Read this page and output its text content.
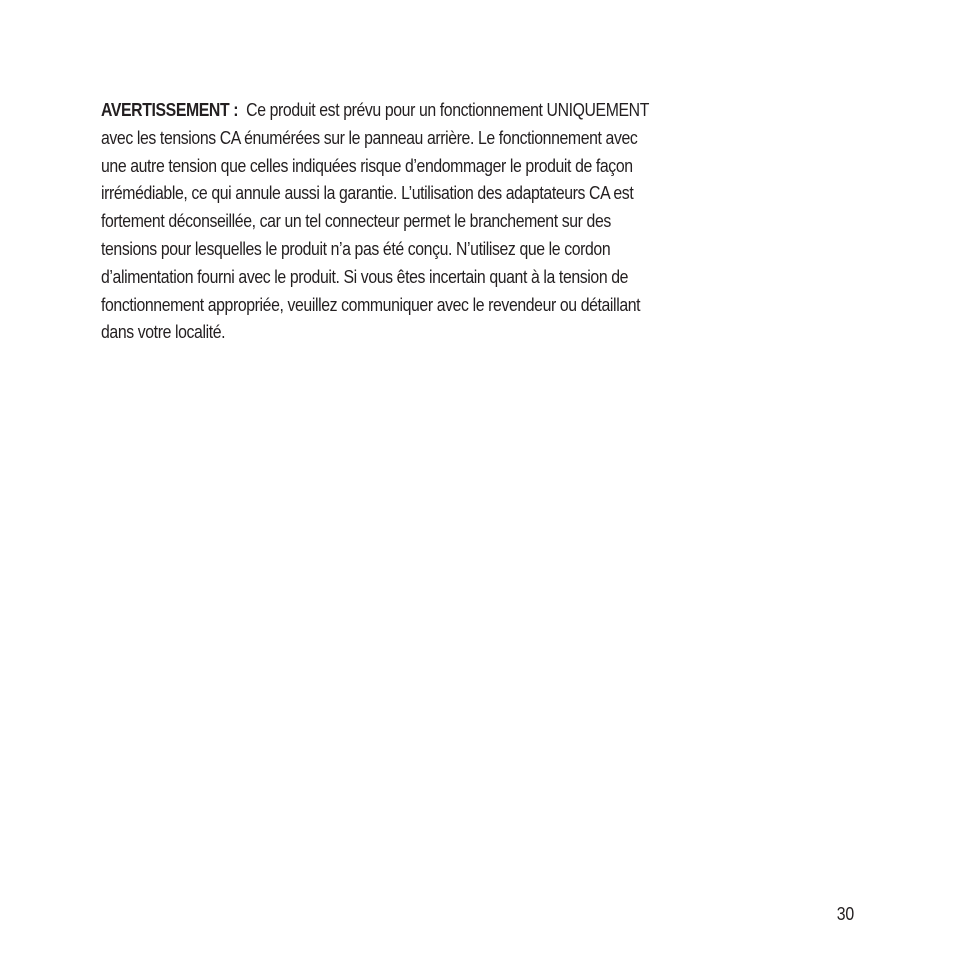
AVERTISSEMENT : Ce produit est prévu pour un fonctionnement UNIQUEMENT
avec les tensions CA énumérées sur le panneau arrière. Le fonctionnement avec
une autre tension que celles indiquées risque d’endommager le produit de façon
irrémédiable, ce qui annule aussi la garantie. L’utilisation des adaptateurs CA est
fortement déconseillée, car un tel connecteur permet le branchement sur des
tensions pour lesquelles le produit n’a pas été conçu. N’utilisez que le cordon
d’alimentation fourni avec le produit. Si vous êtes incertain quant à la tension de
fonctionnement appropriée, veuillez communiquer avec le revendeur ou détaillant
dans votre localité.
30
